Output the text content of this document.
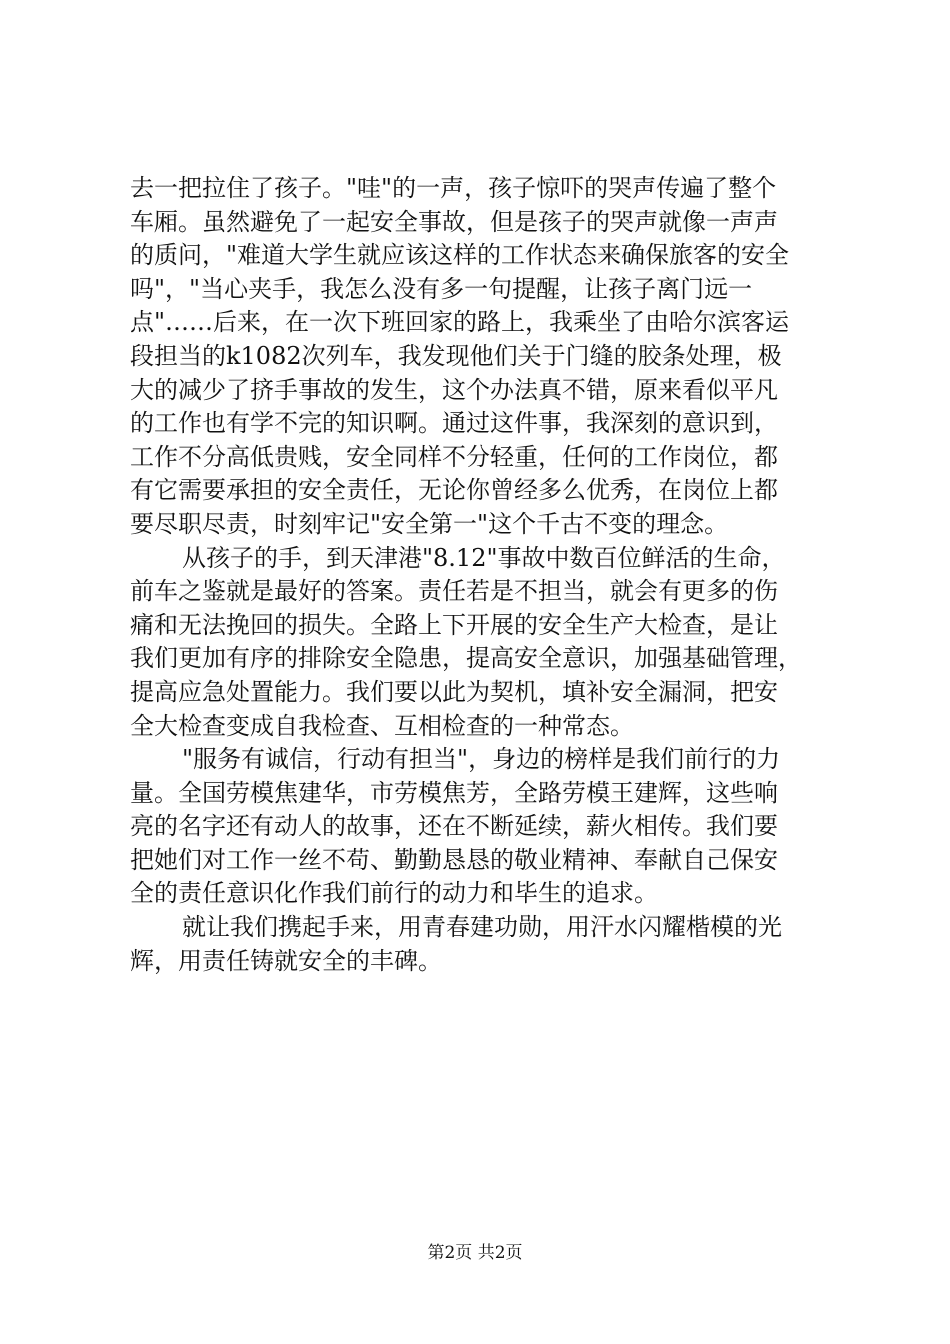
去一把拉住了孩子。"哇"的一声，孩子惊吓的哭声传遍了整个
车厢。虽然避免了一起安全事故，但是孩子的哭声就像一声声
的质问，"难道大学生就应该这样的工作状态来确保旅客的安全
吗"，"当心夹手，我怎么没有多一句提醒，让孩子离门远一
点"……后来，在一次下班回家的路上，我乘坐了由哈尔滨客运
段担当的k1082次列车，我发现他们关于门缝的胶条处理，极
大的减少了挤手事故的发生，这个办法真不错，原来看似平凡
的工作也有学不完的知识啊。通过这件事，我深刻的意识到，
工作不分高低贵贱，安全同样不分轻重，任何的工作岗位，都
有它需要承担的安全责任，无论你曾经多么优秀，在岗位上都
要尽职尽责，时刻牢记"安全第一"这个千古不变的理念。
从孩子的手，到天津港"8.12"事故中数百位鲜活的生命，
前车之鉴就是最好的答案。责任若是不担当，就会有更多的伤
痛和无法挽回的损失。全路上下开展的安全生产大检查，是让
我们更加有序的排除安全隐患，提高安全意识，加强基础管理，
提高应急处置能力。我们要以此为契机，填补安全漏洞，把安
全大检查变成自我检查、互相检查的一种常态。
"服务有诚信，行动有担当"，身边的榜样是我们前行的力
量。全国劳模焦建华，市劳模焦芳，全路劳模王建辉，这些响
亮的名字还有动人的故事，还在不断延续，薪火相传。我们要
把她们对工作一丝不苟、勤勤恳恳的敬业精神、奉献自己保安
全的责任意识化作我们前行的动力和毕生的追求。
就让我们携起手来，用青春建功勋，用汗水闪耀楷模的光
辉，用责任铸就安全的丰碑。
第2页 共2页
